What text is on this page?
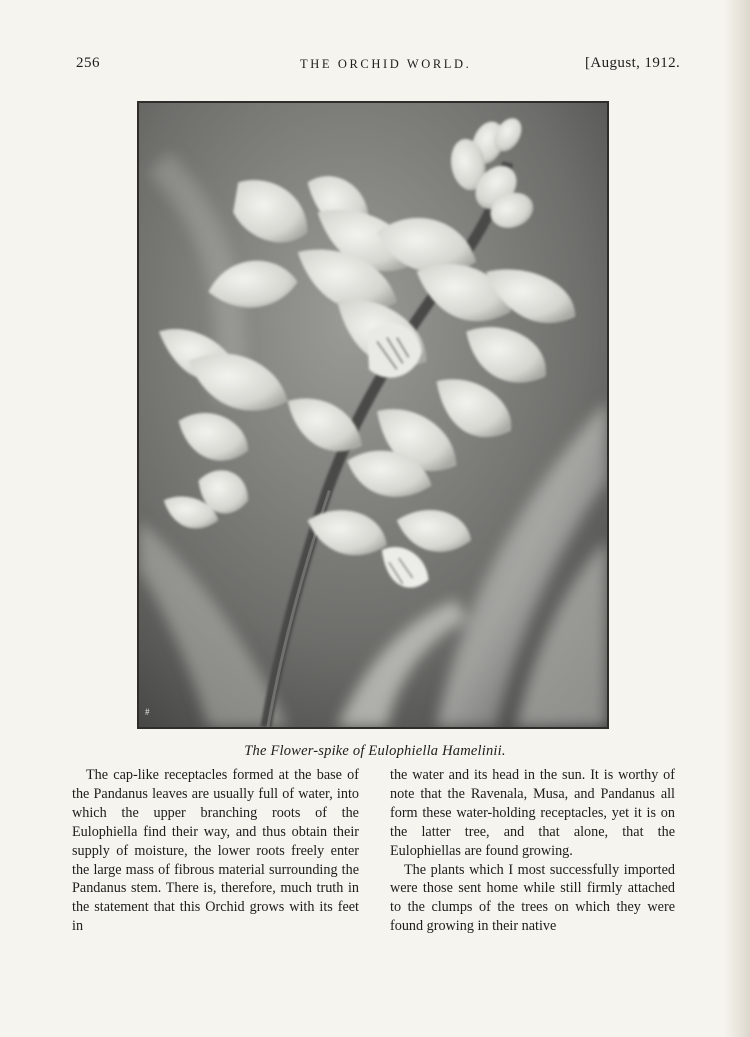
256	THE ORCHID WORLD.	[August, 1912.
#
The Flower-spike of Eulophiella Hamelinii.

The cap-like receptacles formed at the base of the Pandanus leaves are usually full of water, into which the upper branching roots of the Eulophiella find their way, and thus obtain their supply of moisture, the lower roots freely enter the large mass of fibrous material surrounding the Pandanus stem. There is, therefore, much truth in the statement that this Orchid grows with its feet in

the water and its head in the sun. It is worthy of note that the Ravenala, Musa, and Pandanus all form these water-holding receptacles, yet it is on the latter tree, and that alone, that the Eulophiellas are found growing.

The plants which I most successfully imported were those sent home while still firmly attached to the clumps of the trees on which they were found growing in their native
